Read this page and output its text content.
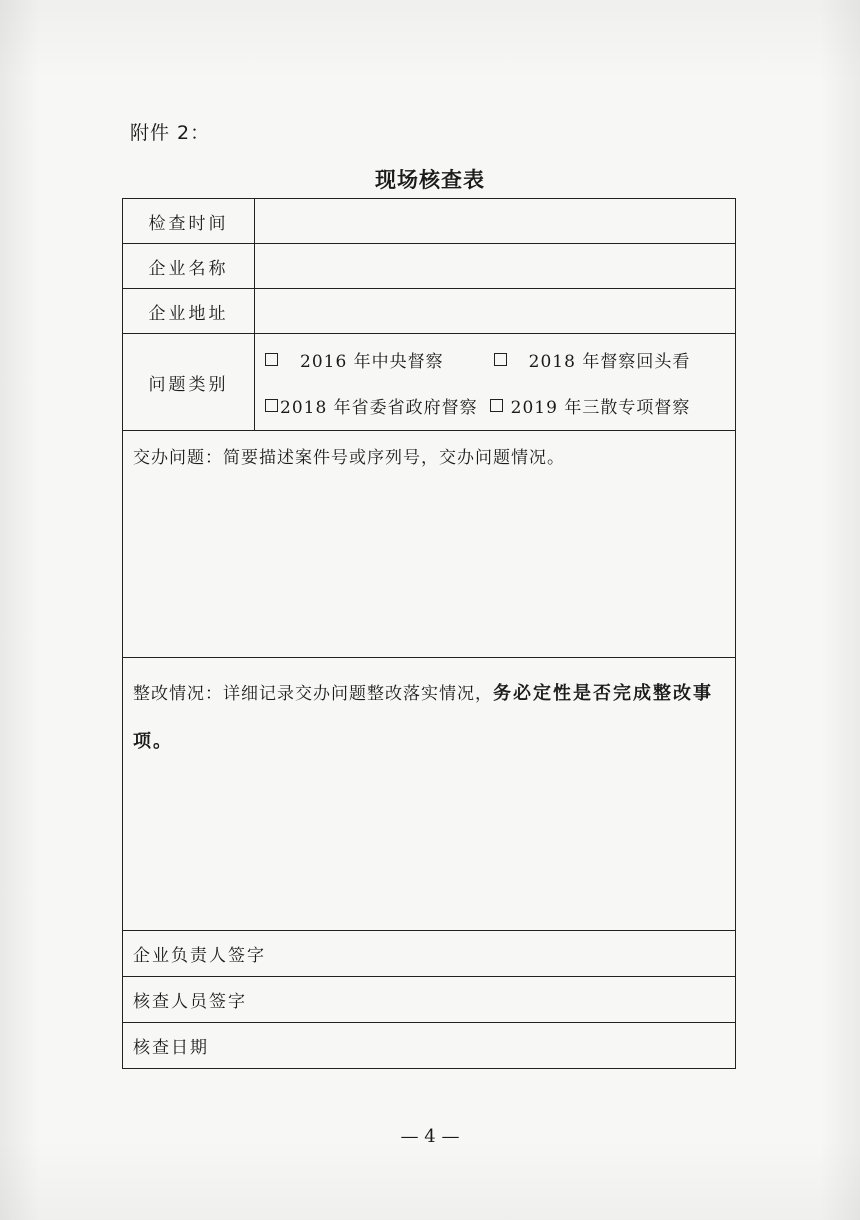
附件 2：
现场核查表
检查时间	
企业名称	
企业地址	
问题类别	2016 年中央督察 2018 年督察回头看
2018 年省委省政府督察 2019 年三散专项督察

交办问题：简要描述案件号或序列号，交办问题情况。	

整改情况：详细记录交办问题整改落实情况，务必定性是否完成整改事项。	

企业负责人签字	
核查人员签字	
核查日期	
— 4 —
